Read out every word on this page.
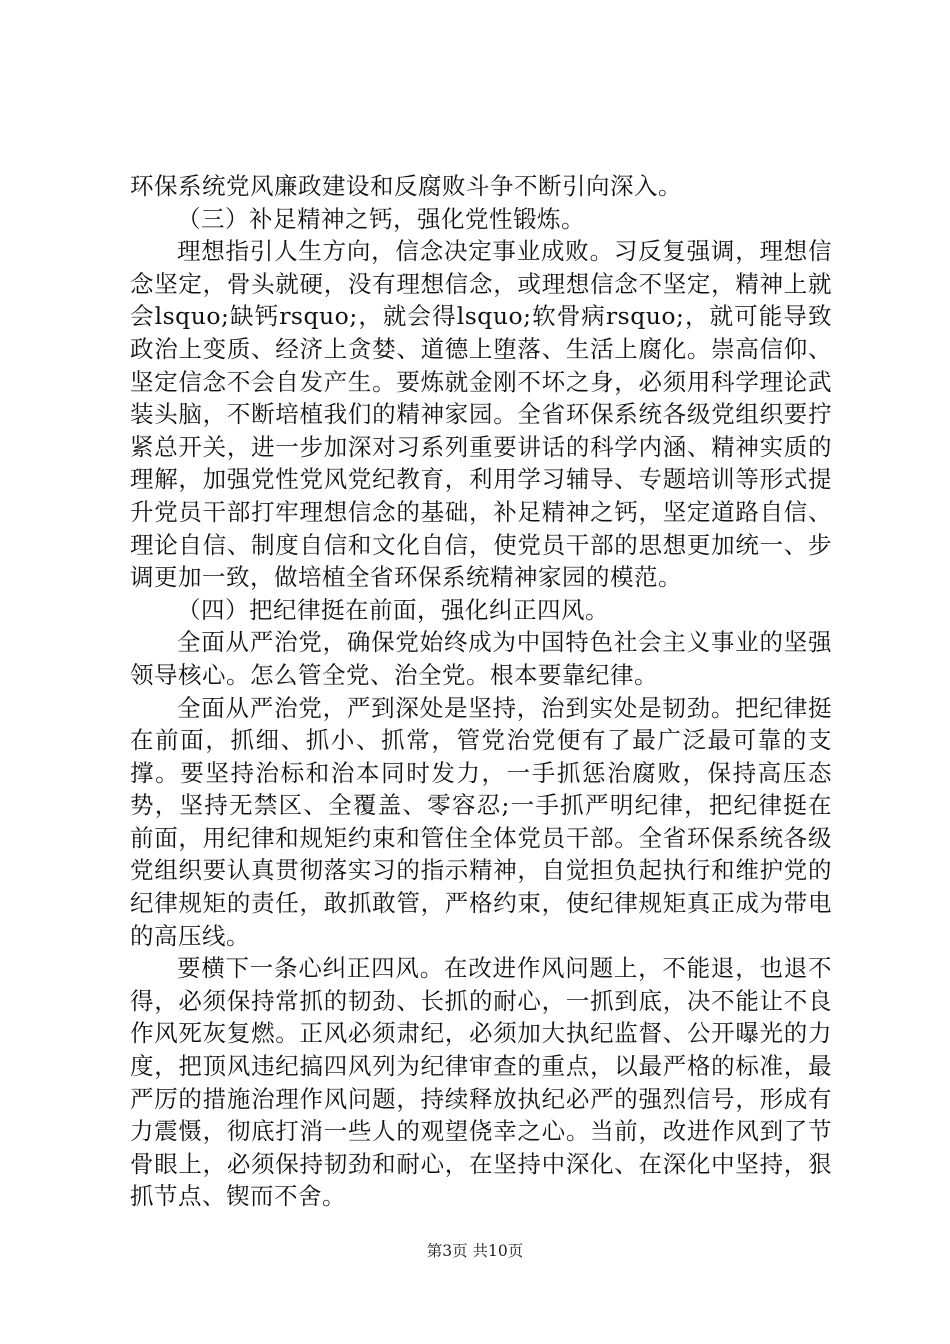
环保系统党风廉政建设和反腐败斗争不断引向深入。

（三）补足精神之钙，强化党性锻炼。

理想指引人生方向，信念决定事业成败。习反复强调，理想信念坚定，骨头就硬，没有理想信念，或理想信念不坚定，精神上就会lsquo;缺钙rsquo;，就会得lsquo;软骨病rsquo;，就可能导致政治上变质、经济上贪婪、道德上堕落、生活上腐化。崇高信仰、坚定信念不会自发产生。要炼就金刚不坏之身，必须用科学理论武装头脑，不断培植我们的精神家园。全省环保系统各级党组织要拧紧总开关，进一步加深对习系列重要讲话的科学内涵、精神实质的理解，加强党性党风党纪教育，利用学习辅导、专题培训等形式提升党员干部打牢理想信念的基础，补足精神之钙，坚定道路自信、理论自信、制度自信和文化自信，使党员干部的思想更加统一、步调更加一致，做培植全省环保系统精神家园的模范。

（四）把纪律挺在前面，强化纠正四风。

全面从严治党，确保党始终成为中国特色社会主义事业的坚强领导核心。怎么管全党、治全党。根本要靠纪律。

全面从严治党，严到深处是坚持，治到实处是韧劲。把纪律挺在前面，抓细、抓小、抓常，管党治党便有了最广泛最可靠的支撑。要坚持治标和治本同时发力，一手抓惩治腐败，保持高压态势，坚持无禁区、全覆盖、零容忍;一手抓严明纪律，把纪律挺在前面，用纪律和规矩约束和管住全体党员干部。全省环保系统各级党组织要认真贯彻落实习的指示精神，自觉担负起执行和维护党的纪律规矩的责任，敢抓敢管，严格约束，使纪律规矩真正成为带电的高压线。

要横下一条心纠正四风。在改进作风问题上，不能退，也退不得，必须保持常抓的韧劲、长抓的耐心，一抓到底，决不能让不良作风死灰复燃。正风必须肃纪，必须加大执纪监督、公开曝光的力度，把顶风违纪搞四风列为纪律审查的重点，以最严格的标准，最严厉的措施治理作风问题，持续释放执纪必严的强烈信号，形成有力震慑，彻底打消一些人的观望侥幸之心。当前，改进作风到了节骨眼上，必须保持韧劲和耐心，在坚持中深化、在深化中坚持，狠抓节点、锲而不舍。

第3页 共10页
